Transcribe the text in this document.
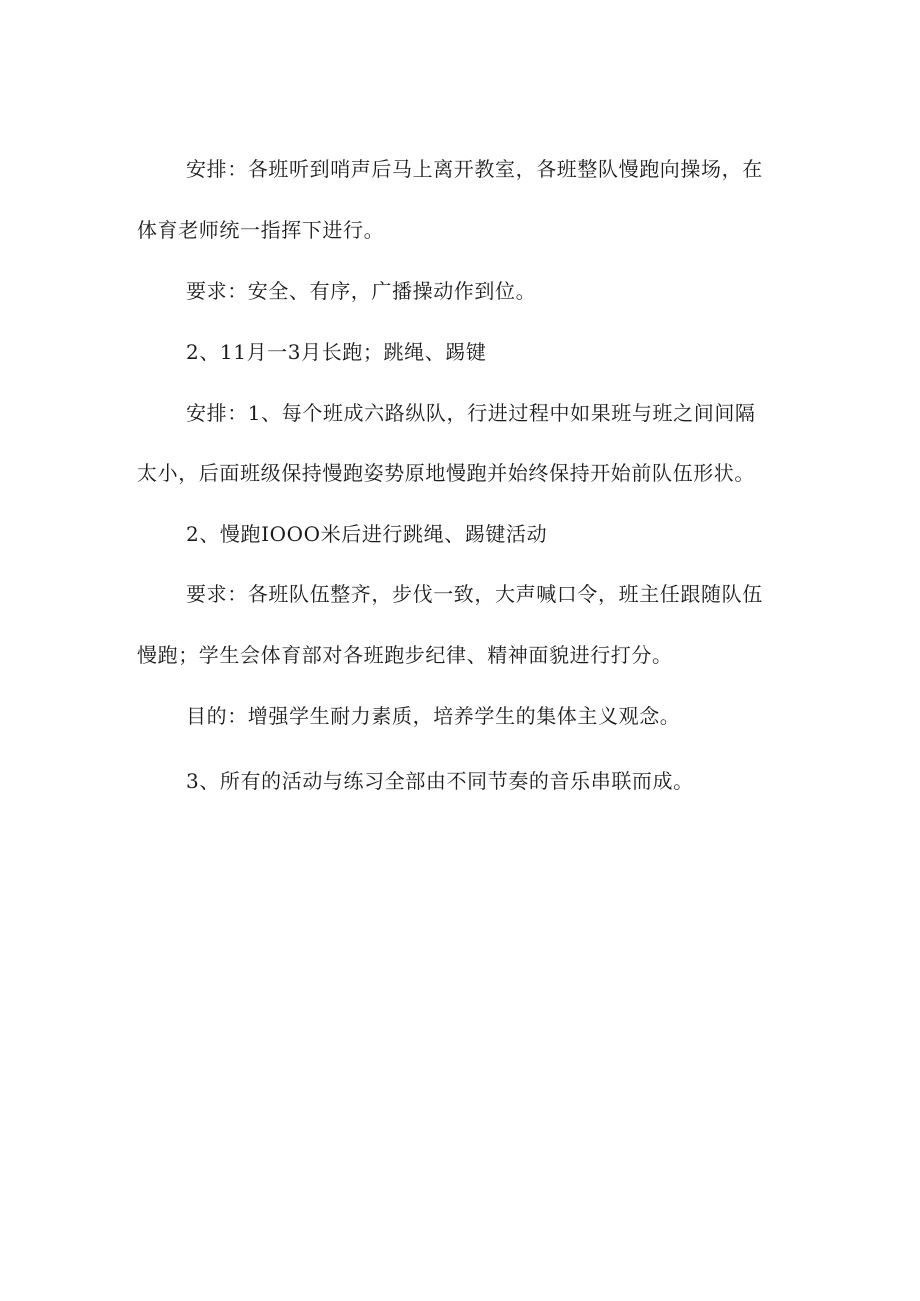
安排：各班听到哨声后马上离开教室，各班整队慢跑向操场，在
体育老师统一指挥下进行。
要求：安全、有序，广播操动作到位。
2、11月一3月长跑；跳绳、踢键
安排：1、每个班成六路纵队，行进过程中如果班与班之间间隔
太小，后面班级保持慢跑姿势原地慢跑并始终保持开始前队伍形状。
2、慢跑IOOO米后进行跳绳、踢键活动
要求：各班队伍整齐，步伐一致，大声喊口令，班主任跟随队伍
慢跑；学生会体育部对各班跑步纪律、精神面貌进行打分。
目的：增强学生耐力素质，培养学生的集体主义观念。
3、所有的活动与练习全部由不同节奏的音乐串联而成。
